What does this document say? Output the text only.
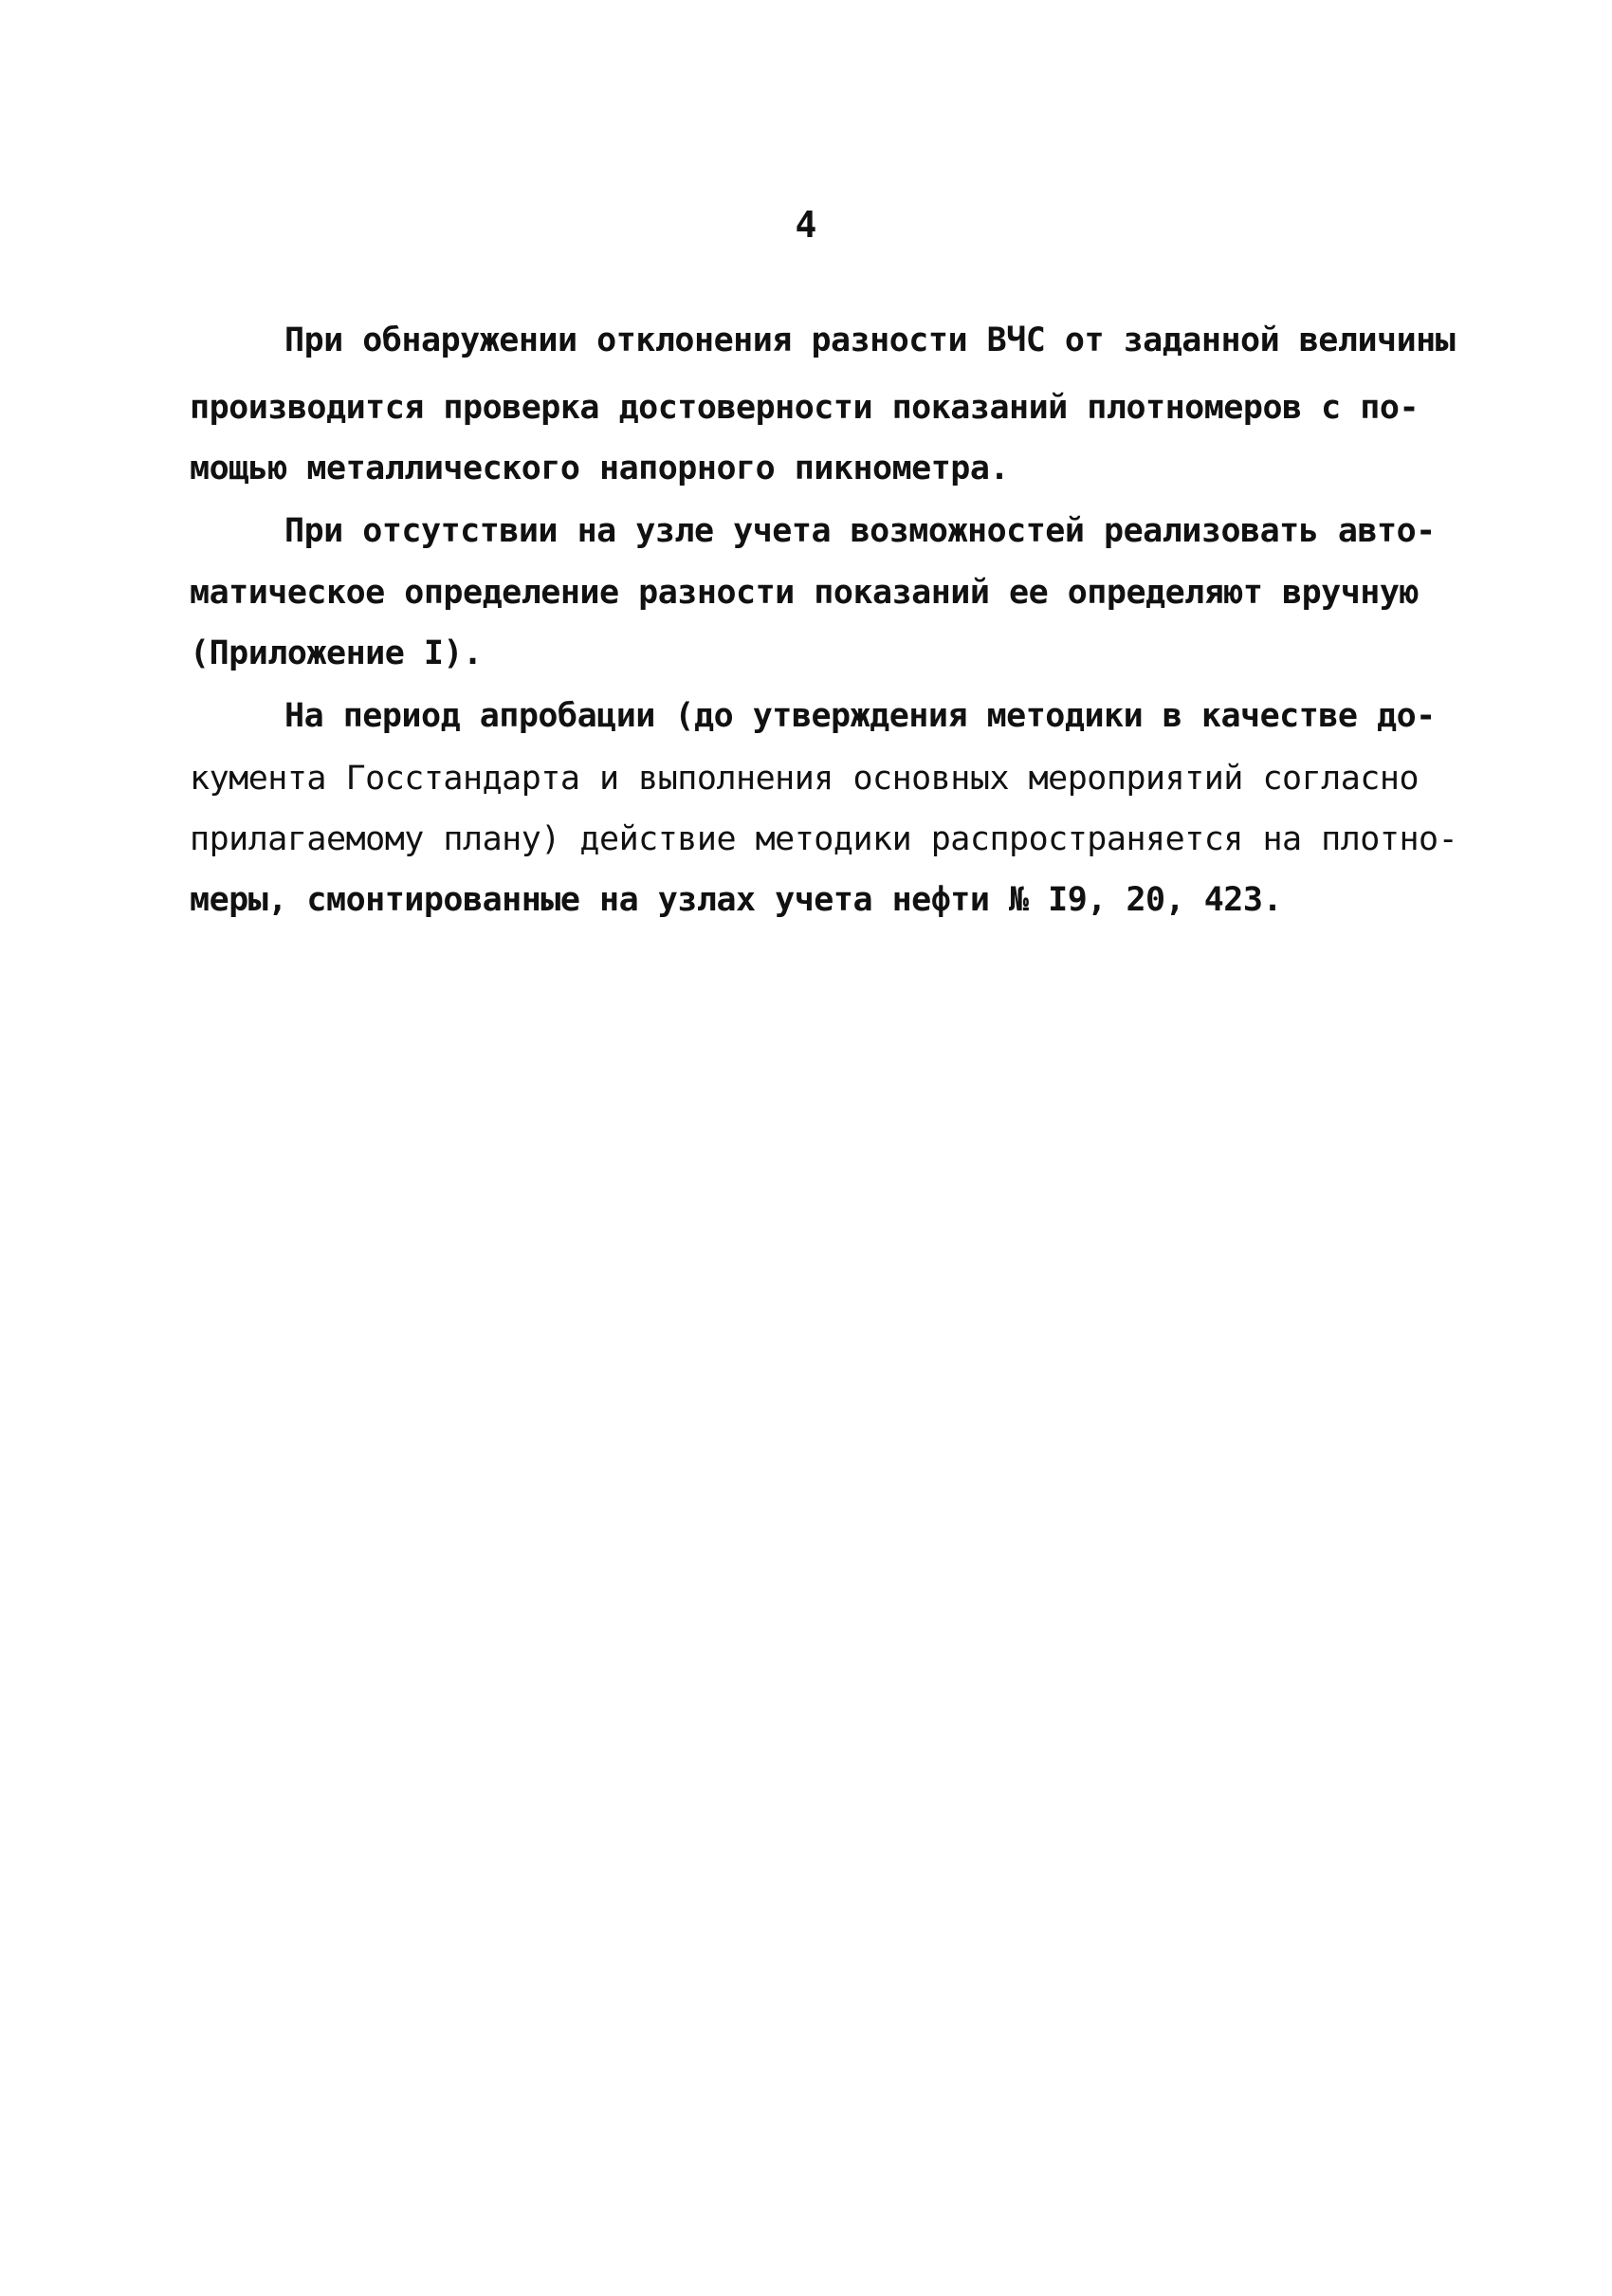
4
При обнаружении отклонения разности ВЧС от заданной величины
производится проверка достоверности показаний плотномеров с по-
мощью металлического напорного пикнометра.
При отсутствии на узле учета возможностей реализовать авто-
матическое определение разности показаний ее определяют вручную
(Приложение I).
На период апробации (до утверждения методики в качестве до-
кумента Госстандарта и выполнения основных мероприятий согласно
прилагаемому плану) действие методики распространяется на плотно-
меры, смонтированные на узлах учета нефти № I9, 20, 423.
